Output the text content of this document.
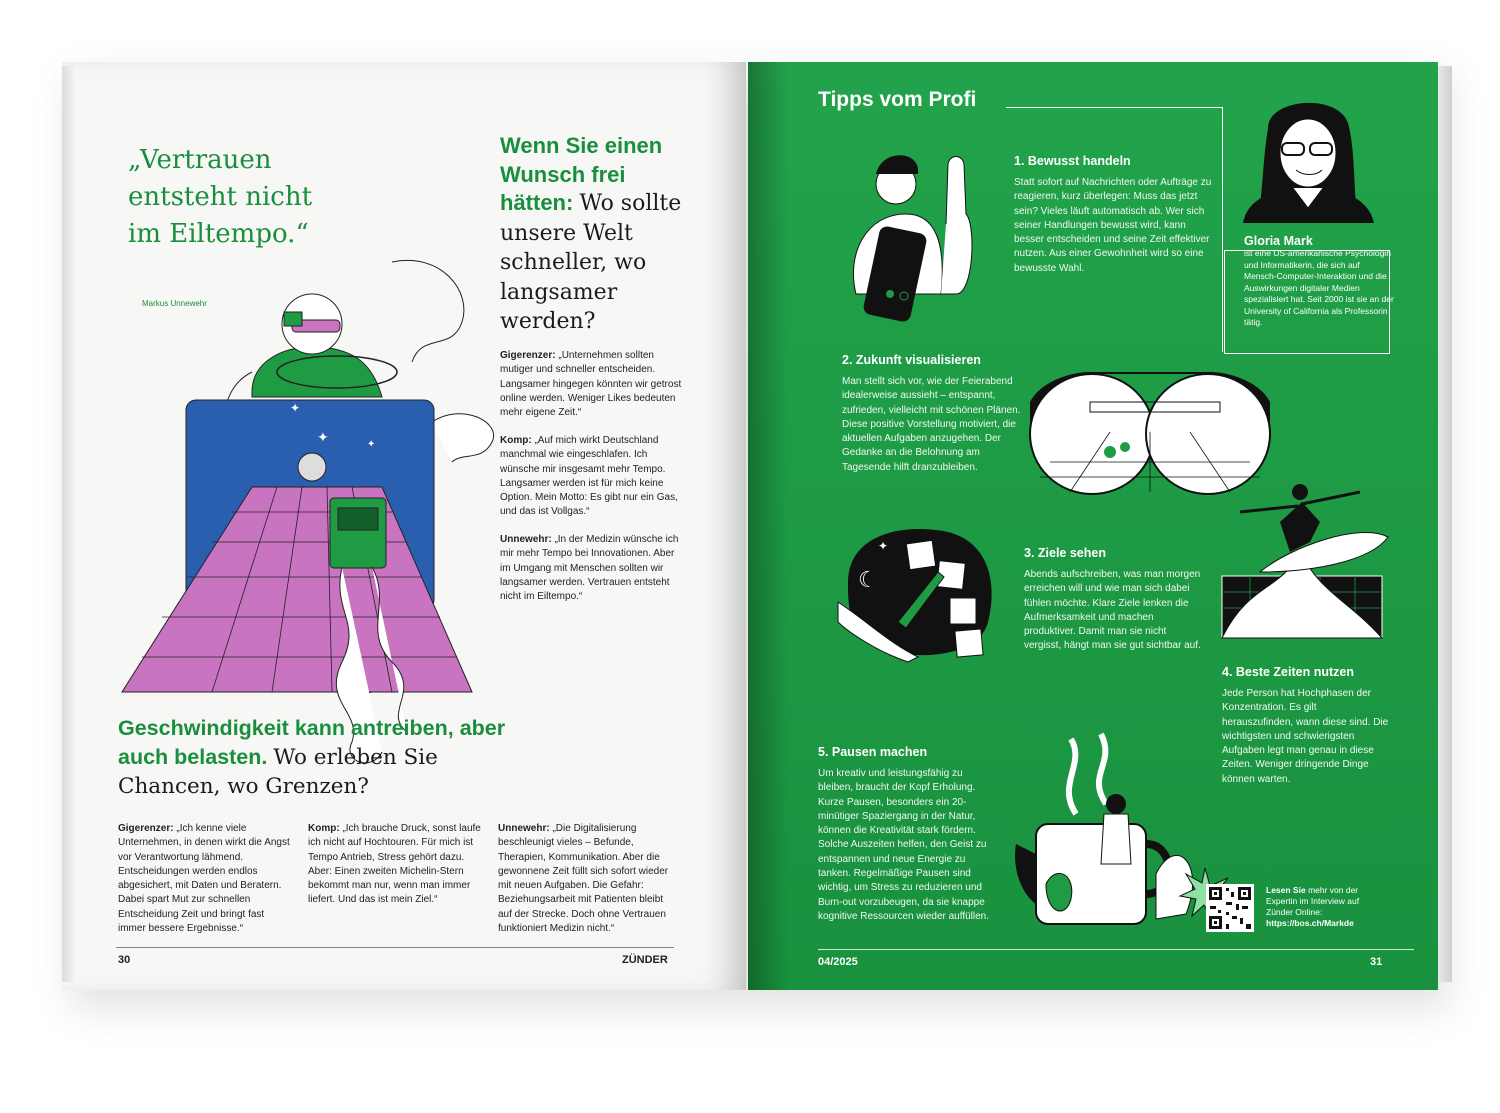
„Vertrauen entsteht nicht im Eiltempo.“
Markus Unnewehr
✦
✦	✦
Wenn Sie einen Wunsch frei hätten: Wo sollte unsere Welt schneller, wo langsamer werden?
Gigerenzer: „Unternehmen sollten mutiger und schneller entscheiden. Langsamer hingegen könnten wir getrost online werden. Weniger Likes bedeuten mehr eigene Zeit.“
Komp: „Auf mich wirkt Deutschland manchmal wie eingeschlafen. Ich wünsche mir insgesamt mehr Tempo. Langsamer werden ist für mich keine Option. Mein Motto: Es gibt nur ein Gas, und das ist Vollgas.“
Unnewehr: „In der Medizin wünsche ich mir mehr Tempo bei Innovationen. Aber im Umgang mit Menschen sollten wir langsamer werden. Vertrauen entsteht nicht im Eiltempo.“
Geschwindigkeit kann antreiben, aber auch belasten. Wo erleben Sie Chancen, wo Grenzen?
Gigerenzer: „Ich kenne viele Unternehmen, in denen wirkt die Angst vor Verantwortung lähmend. Entscheidungen werden endlos abgesichert, mit Daten und Beratern. Dabei spart Mut zur schnellen Entscheidung Zeit und bringt fast immer bessere Ergebnisse.“
Komp: „Ich brauche Druck, sonst laufe ich nicht auf Hochtouren. Für mich ist Tempo Antrieb, Stress gehört dazu. Aber: Einen zweiten Michelin-Stern bekommt man nur, wenn man immer liefert. Und das ist mein Ziel.“
Unnewehr: „Die Digitalisierung beschleunigt vieles – Befunde, Therapien, Kommunikation. Aber die gewonnene Zeit füllt sich sofort wieder mit neuen Aufgaben. Die Gefahr: Beziehungsarbeit mit Patienten bleibt auf der Strecke. Doch ohne Vertrauen funktioniert Medizin nicht.“
30	ZÜNDER
Tipps vom Profi
Gloria Mark
ist eine US-amerikanische Psychologin und Informatikerin, die sich auf Mensch-Computer-Interaktion und die Auswirkungen digitaler Medien spezialisiert hat. Seit 2000 ist sie an der University of California als Professorin tätig.
1. Bewusst handeln
Statt sofort auf Nachrichten oder Aufträge zu reagieren, kurz überlegen: Muss das jetzt sein? Vieles läuft automatisch ab. Wer sich seiner Handlungen bewusst wird, kann besser entscheiden und seine Zeit effektiver nutzen. Aus einer Gewohnheit wird so eine bewusste Wahl.
2. Zukunft visualisieren
Man stellt sich vor, wie der Feierabend idealerweise aussieht – entspannt, zufrieden, vielleicht mit schönen Plänen. Diese positive Vorstellung motiviert, die aktuellen Aufgaben anzugehen. Der Gedanke an die Belohnung am Tagesende hilft dranzubleiben.
☾
✦	3. Ziele sehen
Abends aufschreiben, was man morgen erreichen will und wie man sich dabei fühlen möchte. Klare Ziele lenken die Aufmerksamkeit und machen produktiver. Damit man sie nicht vergisst, hängt man sie gut sichtbar auf.
4. Beste Zeiten nutzen
Jede Person hat Hochphasen der Konzentration. Es gilt herauszufinden, wann diese sind. Die wichtigsten und schwierigsten Aufgaben legt man genau in diese Zeiten. Weniger dringende Dinge können warten.
5. Pausen machen
Um kreativ und leistungsfähig zu bleiben, braucht der Kopf Erholung. Kurze Pausen, besonders ein 20-minütiger Spaziergang in der Natur, können die Kreativität stark fördern. Solche Auszeiten helfen, den Geist zu entspannen und neue Energie zu tanken. Regelmäßige Pausen sind wichtig, um Stress zu reduzieren und Burn-out vorzubeugen, da sie knappe kognitive Ressourcen wieder auffüllen.
Lesen Sie mehr von der Expertin im Interview auf Zünder Online:
https://bos.ch/Markde
04/2025	31
